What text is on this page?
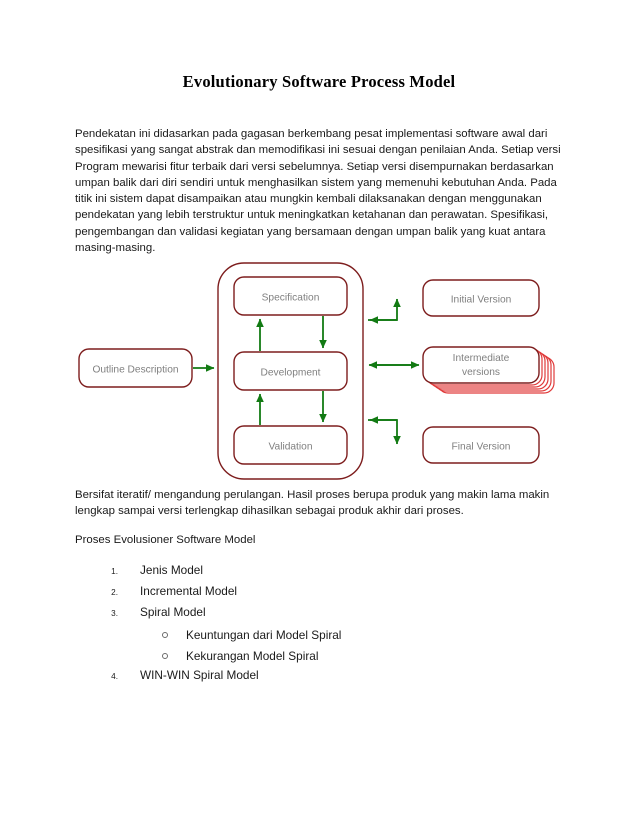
Evolutionary Software Process Model
Pendekatan ini didasarkan pada gagasan berkembang pesat implementasi software awal dari spesifikasi yang sangat abstrak dan memodifikasi ini sesuai dengan penilaian Anda. Setiap versi Program mewarisi fitur terbaik dari versi sebelumnya. Setiap versi disempurnakan berdasarkan umpan balik dari diri sendiri untuk menghasilkan sistem yang memenuhi kebutuhan Anda. Pada titik ini sistem dapat disampaikan atau mungkin kembali dilaksanakan dengan menggunakan pendekatan yang lebih terstruktur untuk meningkatkan ketahanan dan perawatan. Spesifikasi, pengembangan dan validasi kegiatan yang bersamaan dengan umpan balik yang kuat antara masing-masing.
Outline Description
Specification
Development
Validation
Initial Version
Intermediate
versions
Final Version
Bersifat iteratif/ mengandung perulangan. Hasil proses berupa produk yang makin lama makin lengkap sampai versi terlengkap dihasilkan sebagai produk akhir dari proses.
Proses Evolusioner Software Model
1.	Jenis Model
2.	Incremental Model
3.	Spiral Model
Keuntungan dari Model Spiral
Kekurangan Model Spiral
4.	WIN-WIN Spiral Model
